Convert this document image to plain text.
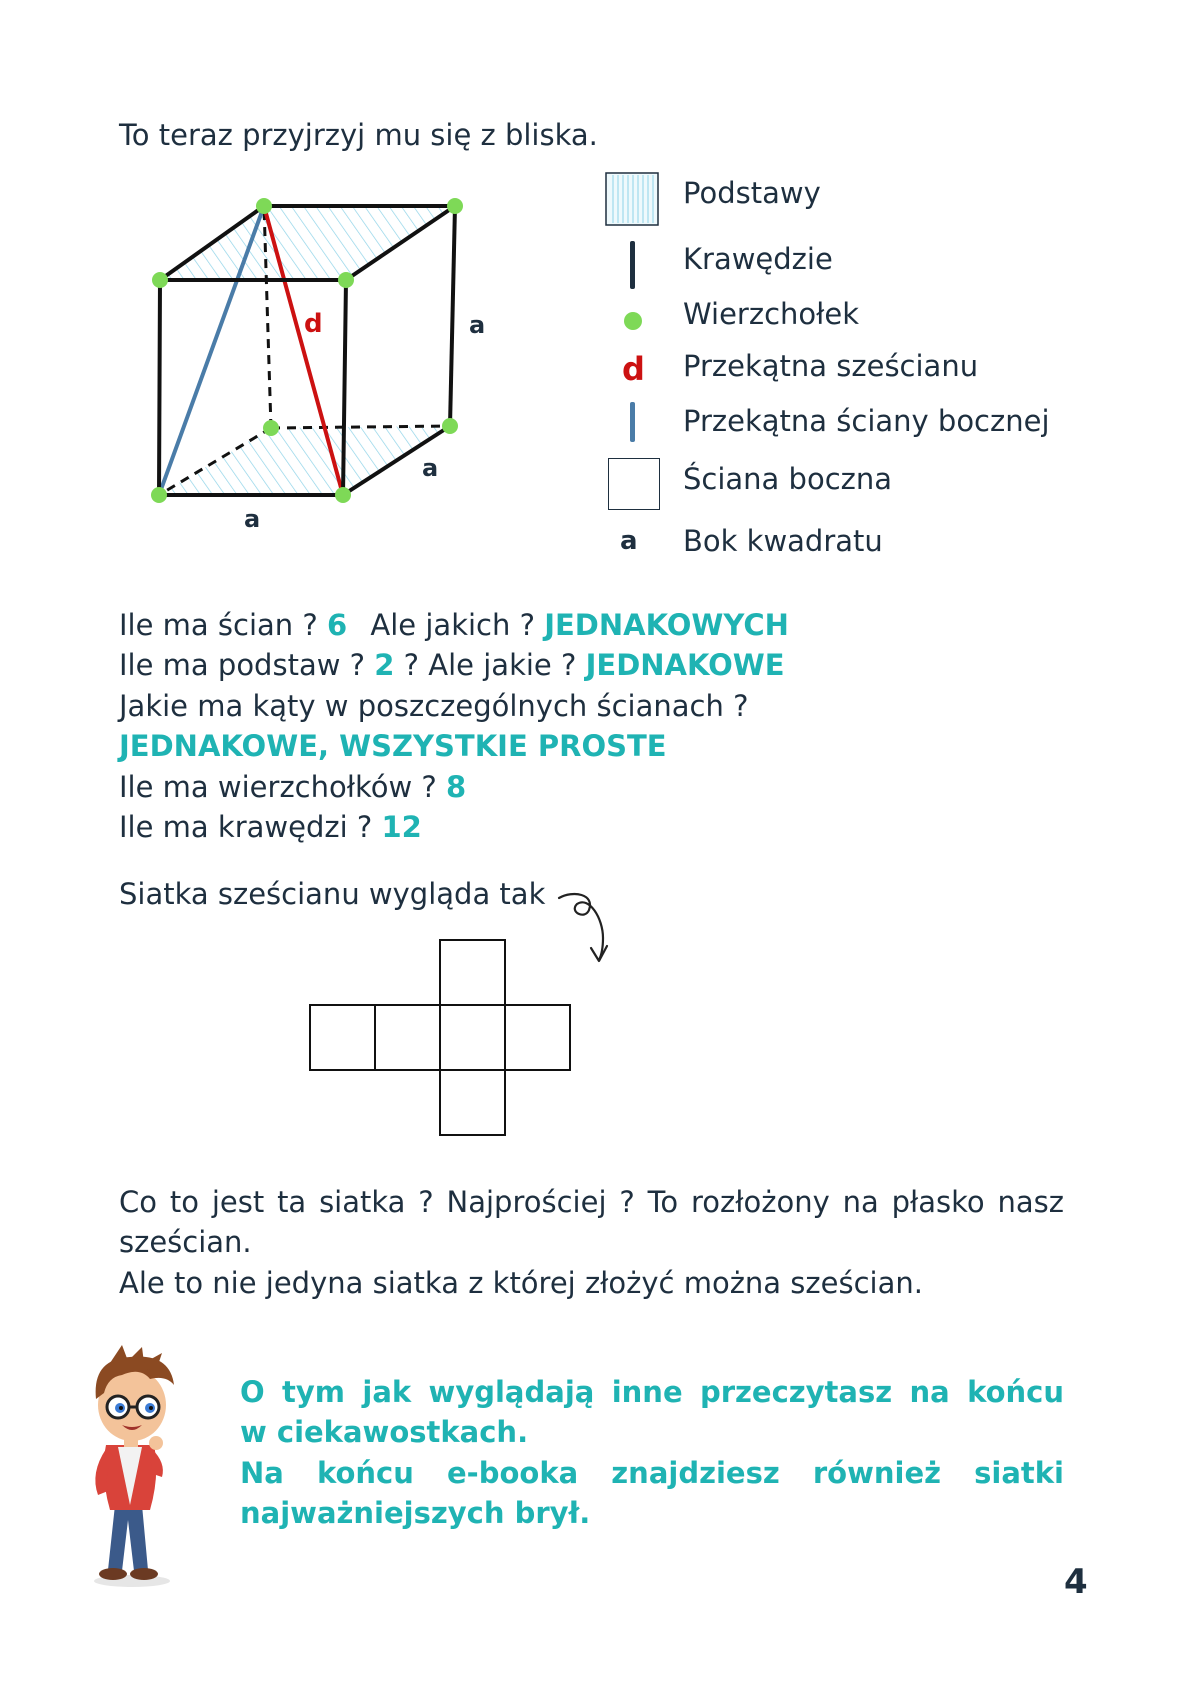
To teraz przyjrzyj mu się z bliska.
d	a
a
a
d
a
Podstawy
Krawędzie
Wierzchołek
Przekątna sześcianu
Przekątna ściany bocznej
Ściana boczna
Bok kwadratu
Ile ma ścian ? 6 Ale jakich ? JEDNAKOWYCH
Ile ma podstaw ? 2 ? Ale jakie ? JEDNAKOWE
Jakie ma kąty w poszczególnych ścianach ?
JEDNAKOWE, WSZYSTKIE PROSTE
Ile ma wierzchołków ? 8
Ile ma krawędzi ? 12
Siatka sześcianu wygląda tak
Co to jest ta siatka ? Najprościej ? To rozłożony na płasko nasz
sześcian.
Ale to nie jedyna siatka z której złożyć można sześcian.
O tym jak wyglądają inne przeczytasz na końcu
w ciekawostkach.
Na końcu e-booka znajdziesz również siatki
najważniejszych brył.
4
